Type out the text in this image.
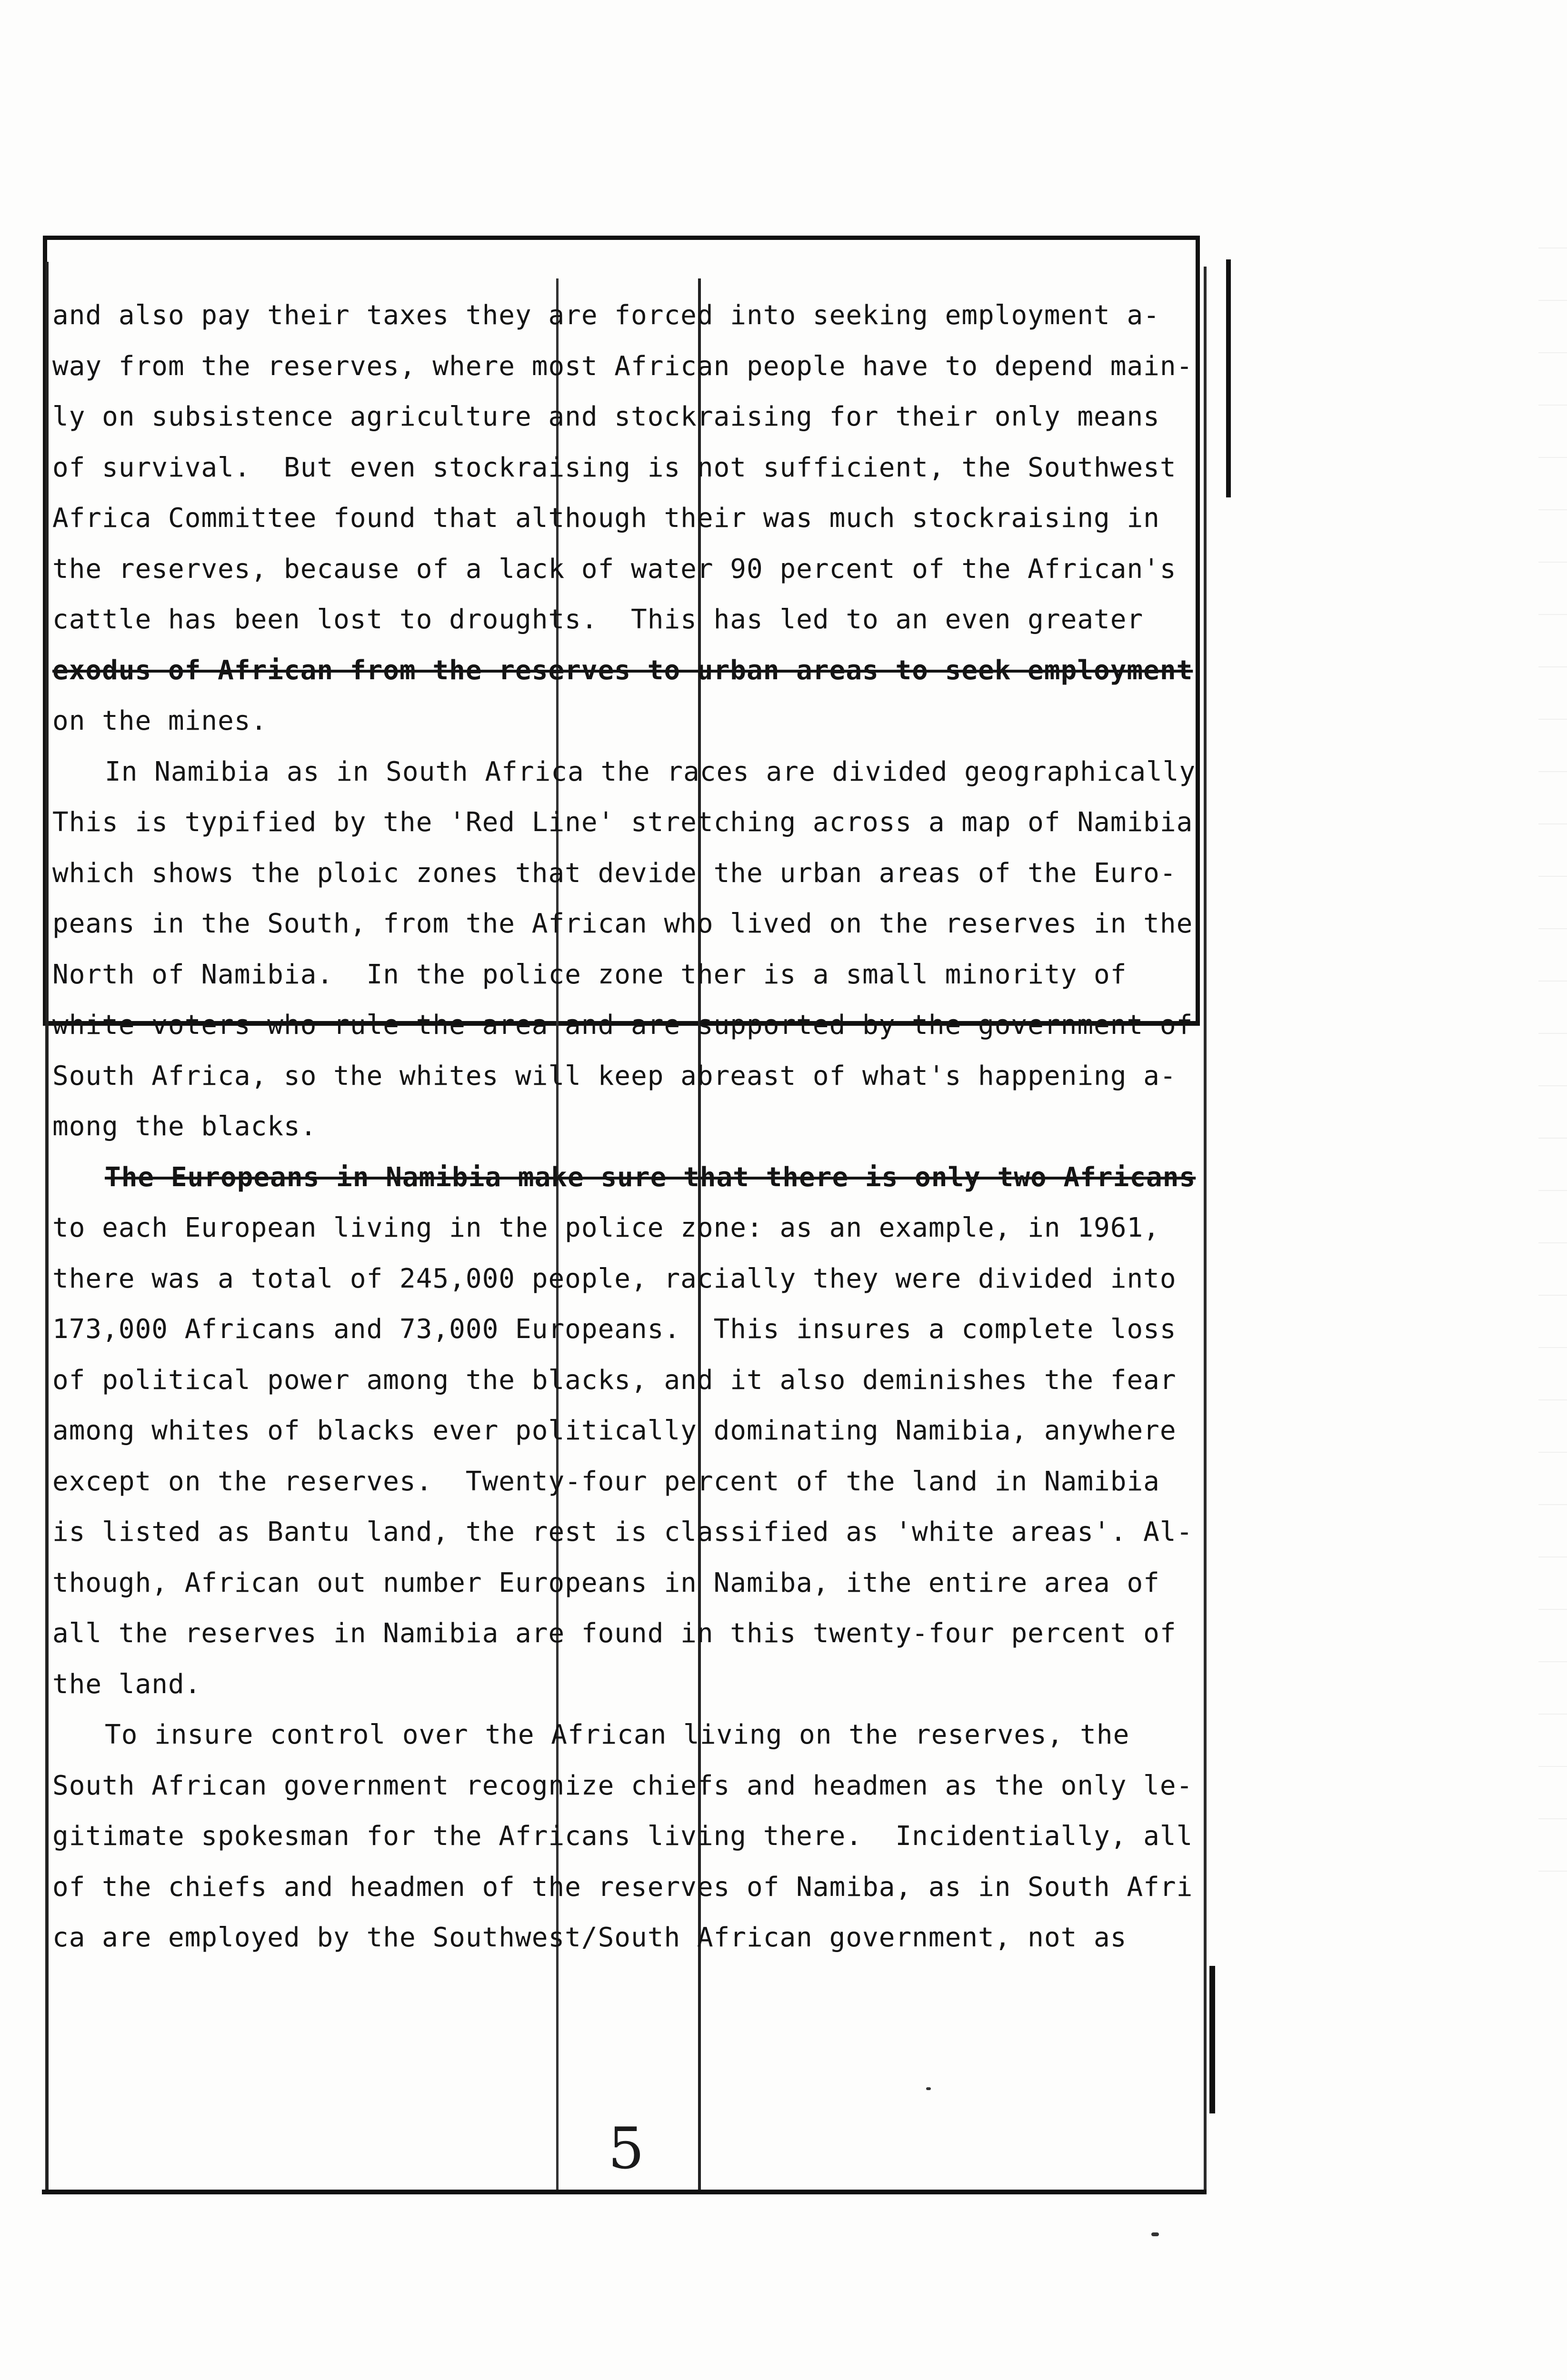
and also pay their taxes they are forced into seeking employment a-
way from the reserves, where most African people have to depend main-
ly on subsistence agriculture and stockraising for their only means
of survival.  But even stockraising is not sufficient, the Southwest
Africa Committee found that although their was much stockraising in
the reserves, because of a lack of water 90 percent of the African's
cattle has been lost to droughts.  This has led to an even greater
exodus of African from the reserves to urban areas to seek employment
on the mines.
In Namibia as in South Africa the races are divided geographically
This is typified by the 'Red Line' stretching across a map of Namibia
which shows the ploic zones that devide the urban areas of the Euro-
peans in the South, from the African who lived on the reserves in the
North of Namibia.  In the police zone ther is a small minority of
white voters who rule the area and are supported by the government of
South Africa, so the whites will keep abreast of what's happening a-
mong the blacks.
The Europeans in Namibia make sure that there is only two Africans
to each European living in the police zone: as an example, in 1961,
there was a total of 245,000 people, racially they were divided into
173,000 Africans and 73,000 Europeans.  This insures a complete loss
of political power among the blacks, and it also deminishes the fear
among whites of blacks ever politically dominating Namibia, anywhere
except on the reserves.  Twenty-four percent of the land in Namibia
is listed as Bantu land, the rest is classified as 'white areas'. Al-
though, African out number Europeans in Namiba, ithe entire area of
all the reserves in Namibia are found in this twenty-four percent of
the land.
To insure control over the African living on the reserves, the
South African government recognize chiefs and headmen as the only le-
gitimate spokesman for the Africans living there.  Incidentially, all
of the chiefs and headmen of the reserves of Namiba, as in South Afri
ca are employed by the Southwest/South African government, not as
5
